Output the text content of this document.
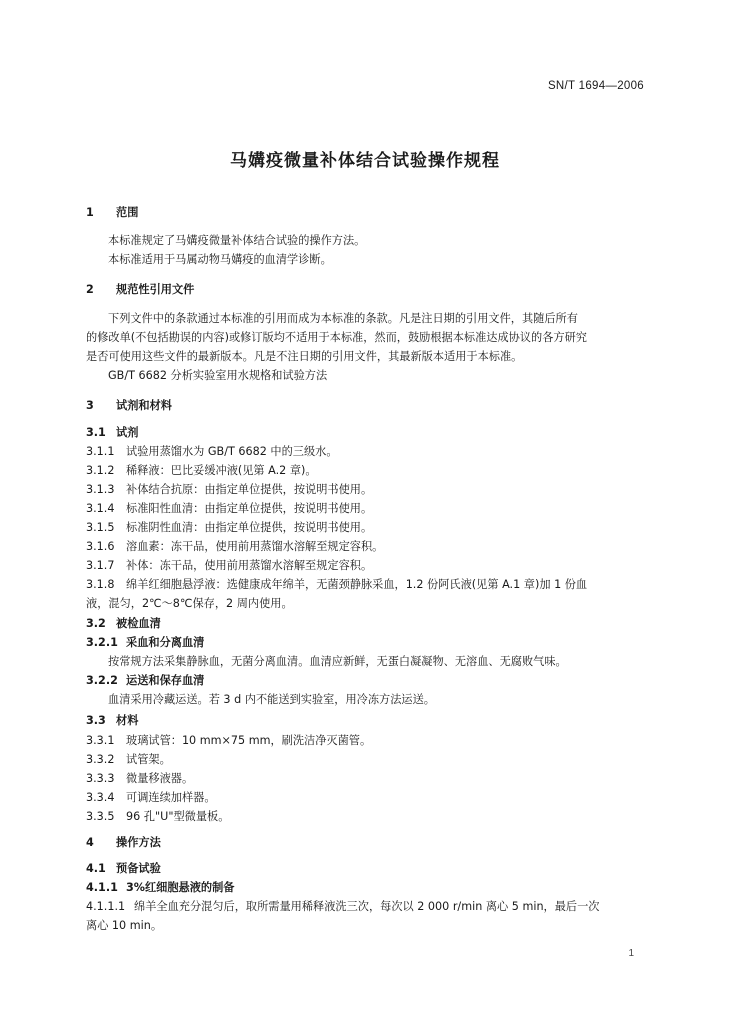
SN/T 1694—2006
马媾疫微量补体结合试验操作规程
1 范围
本标准规定了马媾疫微量补体结合试验的操作方法。
本标准适用于马属动物马媾疫的血清学诊断。
2 规范性引用文件
下列文件中的条款通过本标准的引用而成为本标准的条款。凡是注日期的引用文件，其随后所有
的修改单(不包括勘误的内容)或修订版均不适用于本标准，然而，鼓励根据本标准达成协议的各方研究
是否可使用这些文件的最新版本。凡是不注日期的引用文件，其最新版本适用于本标准。
GB/T 6682 分析实验室用水规格和试验方法
3 试剂和材料
3.1 试剂
3.1.1 试验用蒸馏水为 GB/T 6682 中的三级水。
3.1.2 稀释液：巴比妥缓冲液(见第 A.2 章)。
3.1.3 补体结合抗原：由指定单位提供，按说明书使用。
3.1.4 标准阳性血清：由指定单位提供，按说明书使用。
3.1.5 标准阴性血清：由指定单位提供，按说明书使用。
3.1.6 溶血素：冻干品，使用前用蒸馏水溶解至规定容积。
3.1.7 补体：冻干品，使用前用蒸馏水溶解至规定容积。
3.1.8 绵羊红细胞悬浮液：选健康成年绵羊，无菌颈静脉采血，1.2 份阿氏液(见第 A.1 章)加 1 份血
液，混匀，2℃～8℃保存，2 周内使用。
3.2 被检血清
3.2.1 采血和分离血清
按常规方法采集静脉血，无菌分离血清。血清应新鲜，无蛋白凝凝物、无溶血、无腐败气味。
3.2.2 运送和保存血清
血清采用冷藏运送。若 3 d 内不能送到实验室，用冷冻方法运送。
3.3 材料
3.3.1 玻璃试管：10 mm×75 mm，刷洗洁净灭菌管。
3.3.2 试管架。
3.3.3 微量移液器。
3.3.4 可调连续加样器。
3.3.5 96 孔"U"型微量板。
4 操作方法
4.1 预备试验
4.1.1 3%红细胞悬液的制备
4.1.1.1 绵羊全血充分混匀后，取所需量用稀释液洗三次，每次以 2 000 r/min 离心 5 min，最后一次
离心 10 min。
1
